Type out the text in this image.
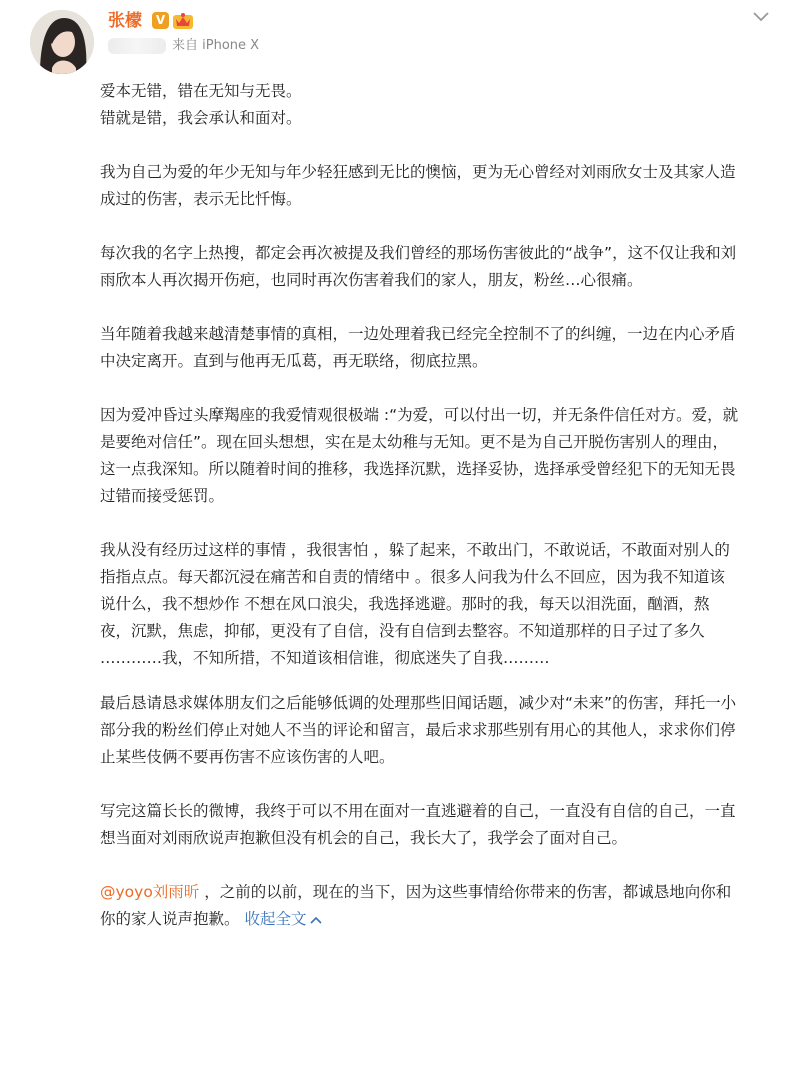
张檬	V
来自 iPhone X

爱本无错，错在无知与无畏。
错就是错，我会承认和面对。

我为自己为爱的年少无知与年少轻狂感到无比的懊恼，更为无心曾经对刘雨欣女士及其家人造成过的伤害，表示无比忏悔。

每次我的名字上热搜，都定会再次被提及我们曾经的那场伤害彼此的“战争”，这不仅让我和刘雨欣本人再次揭开伤疤，也同时再次伤害着我们的家人，朋友，粉丝…心很痛。

当年随着我越来越清楚事情的真相，一边处理着我已经完全控制不了的纠缠，一边在内心矛盾中决定离开。直到与他再无瓜葛，再无联络，彻底拉黑。

因为爱冲昏过头摩羯座的我爱情观很极端 :“为爱，可以付出一切，并无条件信任对方。爱，就是要绝对信任”。现在回头想想，实在是太幼稚与无知。更不是为自己开脱伤害别人的理由，这一点我深知。所以随着时间的推移，我选择沉默，选择妥协，选择承受曾经犯下的无知无畏过错而接受惩罚。

我从没有经历过这样的事情 ，我很害怕 ，躲了起来，不敢出门，不敢说话，不敢面对别人的指指点点。每天都沉浸在痛苦和自责的情绪中 。很多人问我为什么不回应，因为我不知道该说什么，我不想炒作 不想在风口浪尖，我选择逃避。那时的我，每天以泪洗面，酗酒，熬夜，沉默，焦虑，抑郁，更没有了自信，没有自信到去整容。不知道那样的日子过了多久 …………我，不知所措，不知道该相信谁，彻底迷失了自我………

最后恳请恳求媒体朋友们之后能够低调的处理那些旧闻话题，减少对“未来”的伤害，拜托一小部分我的粉丝们停止对她人不当的评论和留言，最后求求那些别有用心的其他人，求求你们停止某些伎俩不要再伤害不应该伤害的人吧。

写完这篇长长的微博，我终于可以不用在面对一直逃避着的自己，一直没有自信的自己，一直想当面对刘雨欣说声抱歉但没有机会的自己，我长大了，我学会了面对自己。

@yoyo刘雨昕 ，之前的以前，现在的当下，因为这些事情给你带来的伤害，都诚恳地向你和你的家人说声抱歉。 收起全文
